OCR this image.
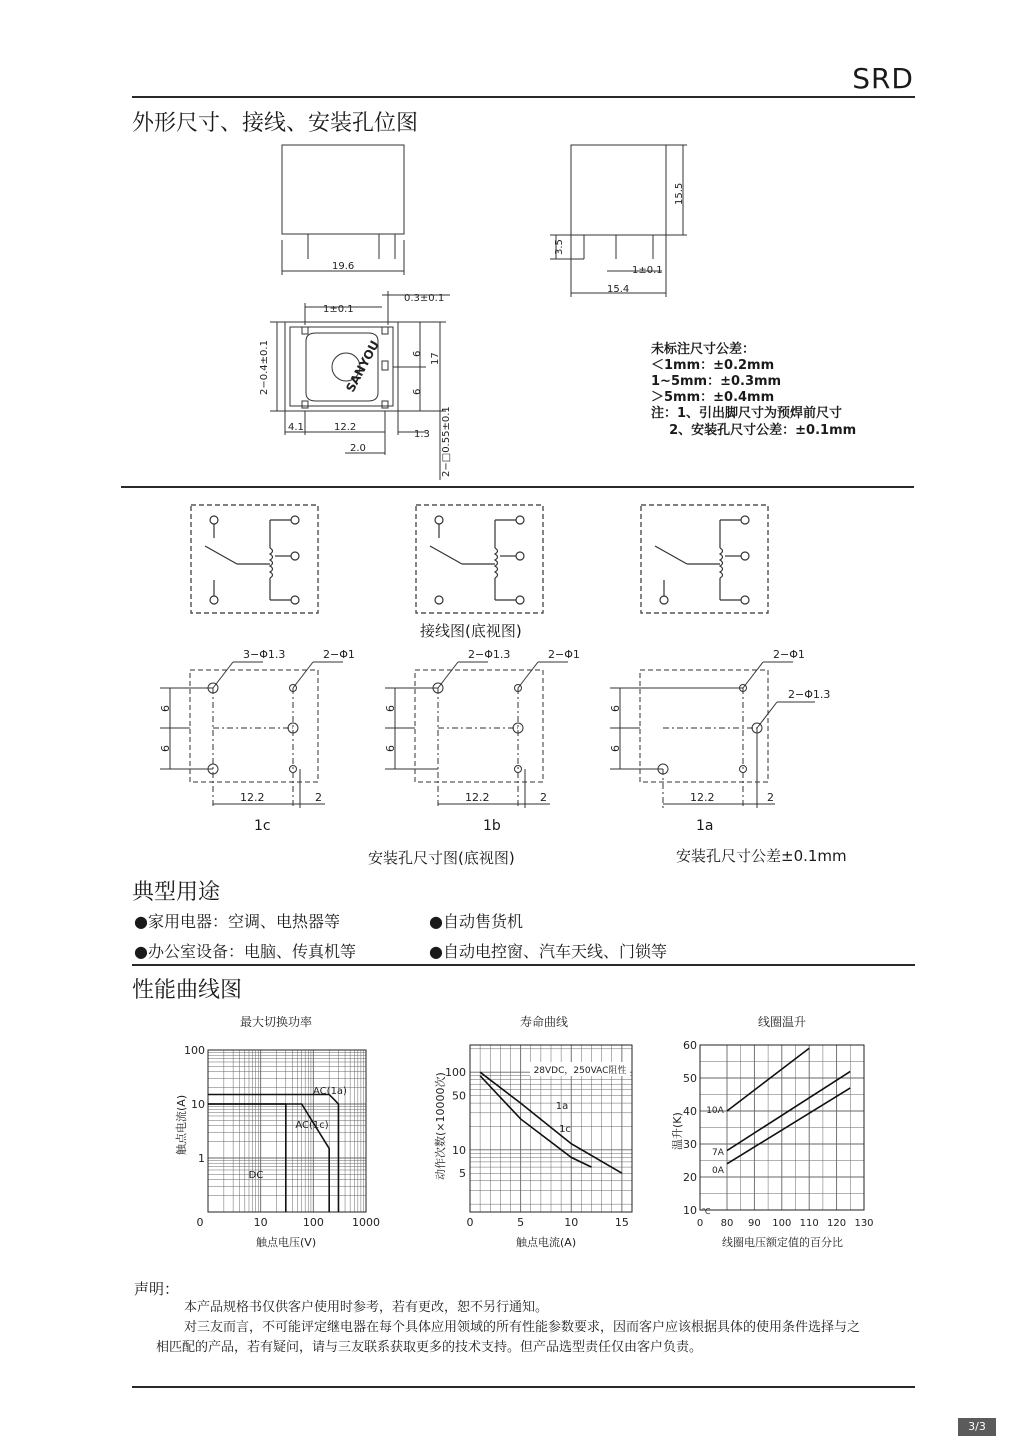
SRD
外形尺寸、接线、安装孔位图
19.6
15.5
3.5
1±0.1
15.4
1±0.1
0.3±0.1
2−0.4±0.1	6 17
6
4.1	12.2
1.3
2.0	2−□0.55±0.1
SANYOU	未标注尺寸公差：
＜1mm：±0.2mm
1~5mm：±0.3mm
＞5mm：±0.4mm
注：1、引出脚尺寸为预焊前尺寸
2、安装孔尺寸公差：±0.1mm
接线图(底视图)
3−Φ1.3	2−Φ1
6
6
12.2	2
2−Φ1.3	2−Φ1
6
6
12.2	2
2−Φ1
2−Φ1.3
6
6
12.2	2
1c	1b	1a
安装孔尺寸图(底视图)	安装孔尺寸公差±0.1mm
典型用途
●家用电器：空调、电热器等	●自动售货机
●办公室设备：电脑、传真机等	●自动电控窗、汽车天线、门锁等
性能曲线图
最大切换功率	寿命曲线	线圈温升
触点电流(A)
触点电压(V)
动作次数(×10000次)
触点电流(A)
温升(K)
线圈电压额定值的百分比
0	10	100	1000
100
10
1
AC(1a)
AC(1c)
DC
0	5	10	15
100
50
10
5
28VDC，250VAC阻性
1a
1c
0 80 90 100 110 120 130
60
50
40
30
20
10
10A
7A
0A
℃
声明：
本产品规格书仅供客户使用时参考，若有更改，恕不另行通知。
对三友而言，不可能评定继电器在每个具体应用领域的所有性能参数要求，因而客户应该根据具体的使用条件选择与之
相匹配的产品，若有疑问，请与三友联系获取更多的技术支持。但产品选型责任仅由客户负责。
3/3
